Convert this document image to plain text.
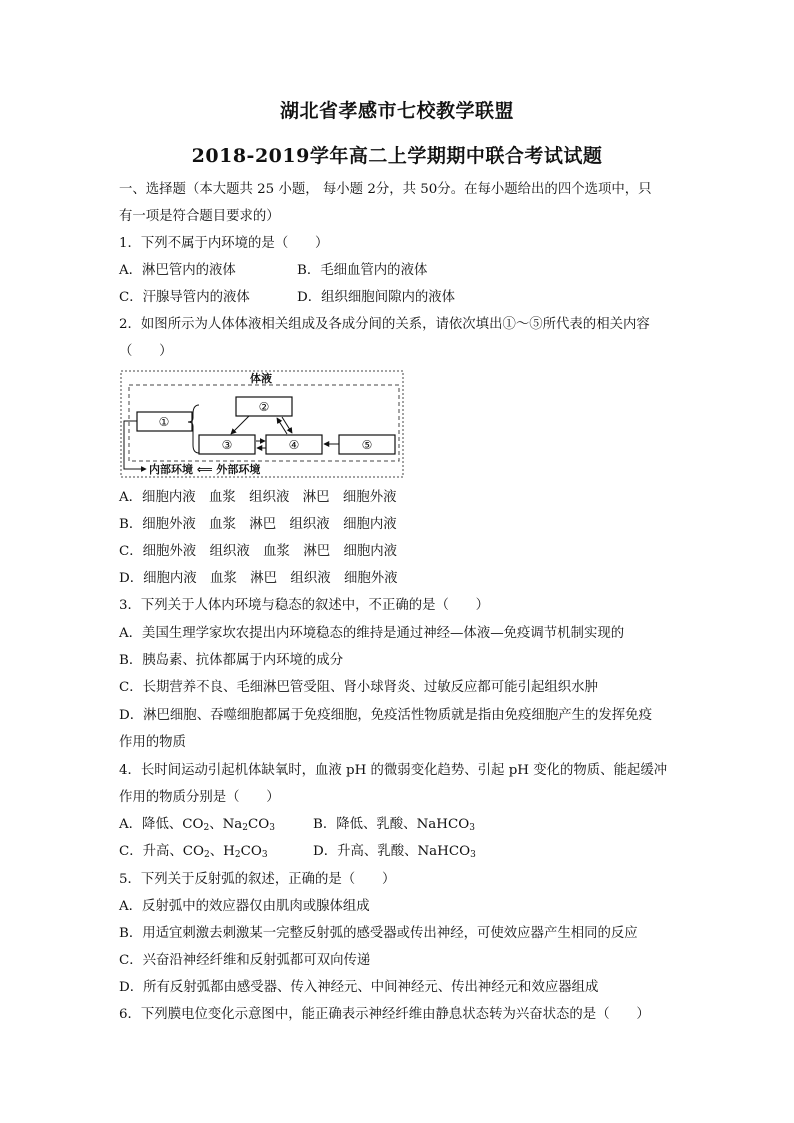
湖北省孝感市七校教学联盟
2018-2019学年高二上学期期中联合考试试题
一、选择题（本大题共 25 小题， 每小题 2分，共 50分。在每小题给出的四个选项中，只
有一项是符合题目要求的）
1．下列不属于内环境的是（　　）
A．淋巴管内的液体	B．毛细血管内的液体
C．汗腺导管内的液体	D．组织细胞间隙内的液体
2．如图所示为人体体液相关组成及各成分间的关系，请依次填出①～⑤所代表的相关内容
（　　）
体液
①
②
③	④	⑤
内部环境 ⟸ 外部环境
A．细胞内液　血浆　组织液　淋巴　细胞外液
B．细胞外液　血浆　淋巴　组织液　细胞内液
C．细胞外液　组织液　血浆　淋巴　细胞内液
D．细胞内液　血浆　淋巴　组织液　细胞外液
3．下列关于人体内环境与稳态的叙述中，不正确的是（　　）
A．美国生理学家坎农提出内环境稳态的维持是通过神经—体液—免疫调节机制实现的
B．胰岛素、抗体都属于内环境的成分
C．长期营养不良、毛细淋巴管受阻、肾小球肾炎、过敏反应都可能引起组织水肿
D．淋巴细胞、吞噬细胞都属于免疫细胞，免疫活性物质就是指由免疫细胞产生的发挥免疫
作用的物质
4．长时间运动引起机体缺氧时，血液 pH 的微弱变化趋势、引起 pH 变化的物质、能起缓冲
作用的物质分别是（　　）
A．降低、$CO_2$、$Na_2CO_3$	B．降低、乳酸、NaHCO$_3$
C．升高、$CO_2$、$H_2CO_3$	D．升高、乳酸、NaHCO$_3$
5．下列关于反射弧的叙述，正确的是（　　）
A．反射弧中的效应器仅由肌肉或腺体组成
B．用适宜刺激去刺激某一完整反射弧的感受器或传出神经，可使效应器产生相同的反应
C．兴奋沿神经纤维和反射弧都可双向传递
D．所有反射弧都由感受器、传入神经元、中间神经元、传出神经元和效应器组成
6．下列膜电位变化示意图中，能正确表示神经纤维由静息状态转为兴奋状态的是（　　）
